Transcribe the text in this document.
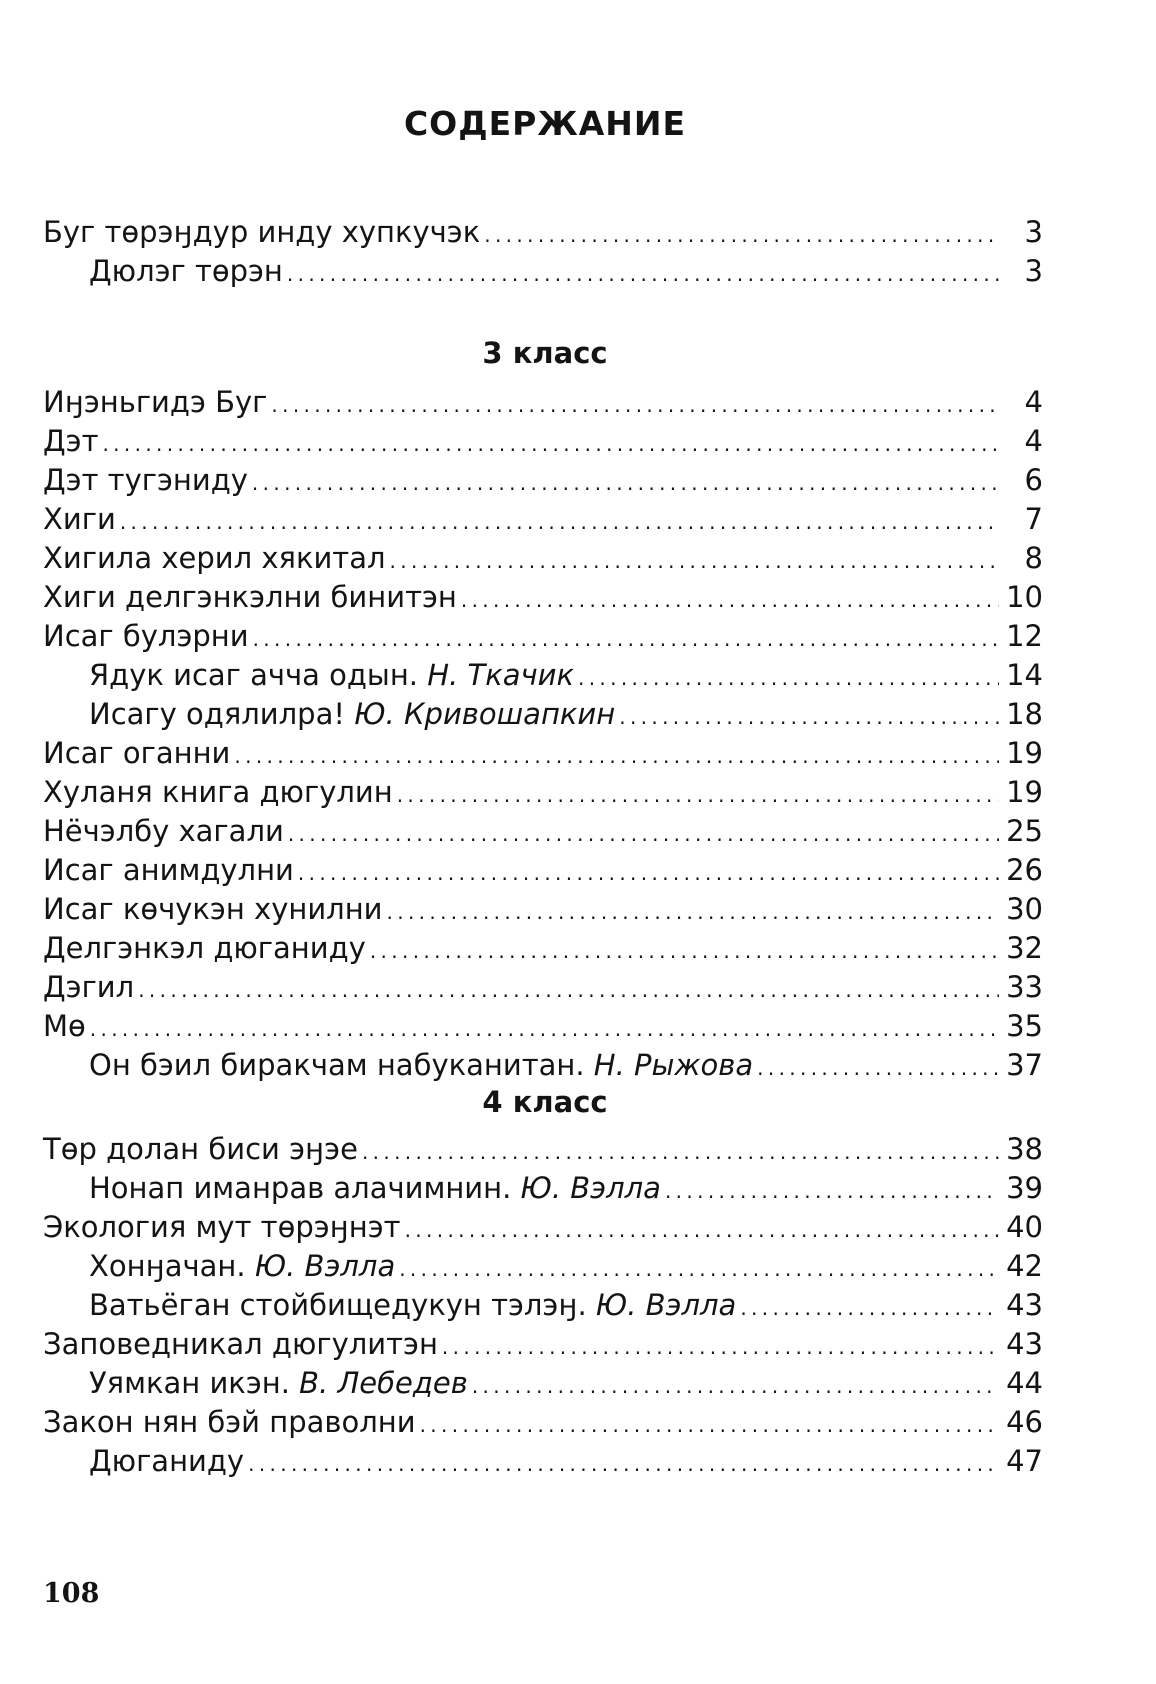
СОДЕРЖАНИЕ
Буг тɵрэӈдур инду хупкучэк . . .	3
Дюлэг тɵрэн . . .	3
3 класс
Иӈэньгидэ Буг . . .	4
Дэт . . .	4
Дэт тугэниду . . .	6
Хиги . . .	7
Хигила херил хякитал . . .	8
Хиги делгэнкэлни бинитэн . . .	10
Исаг булэрни . . .	12
Ядук исаг ачча одын. Н. Ткачик . . .	14
Исагу одялилра! Ю. Кривошапкин . . .	18
Исаг оганни . . .	19
Хуланя книга дюгулин . . .	19
Нёчэлбу хагали . . .	25
Исаг анимдулни . . .	26
Исаг кɵчукэн хунилни . . .	30
Делгэнкэл дюганиду . . .	32
Дэгил . . .	33
Мɵ . . .	35
Он бэил биракчам набуканитан. Н. Рыжова . . .	37
4 класс
Тɵр долан биси эӈэе . . .	38
Нонап иманрав алачимнин. Ю. Вэлла . . .	39
Экология мут тɵрэӈнэт . . .	40
Хонӈачан. Ю. Вэлла . . .	42
Ватьёган стойбищедукун тэлэӈ. Ю. Вэлла . . .	43
Заповедникал дюгулитэн . . .	43
Уямкан икэн. В. Лебедев . . .	44
Закон нян бэй праволни . . .	46
Дюганиду . . .	47
108
